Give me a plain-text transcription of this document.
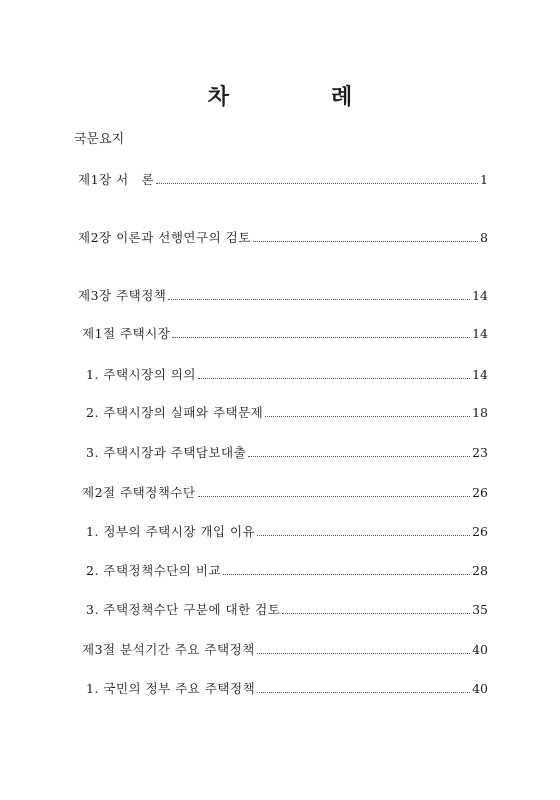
차　례
국문요지
제1장 서　론	1
제2장 이론과 선행연구의 검토	8
제3장 주택정책	14
제1절 주택시장	14
1. 주택시장의 의의	14
2. 주택시장의 실패와 주택문제	18
3. 주택시장과 주택담보대출	23
제2절 주택정책수단	26
1. 정부의 주택시장 개입 이유	26
2. 주택정책수단의 비교	28
3. 주택정책수단 구분에 대한 검토	35
제3절 분석기간 주요 주택정책	40
1. 국민의 정부 주요 주택정책	40
